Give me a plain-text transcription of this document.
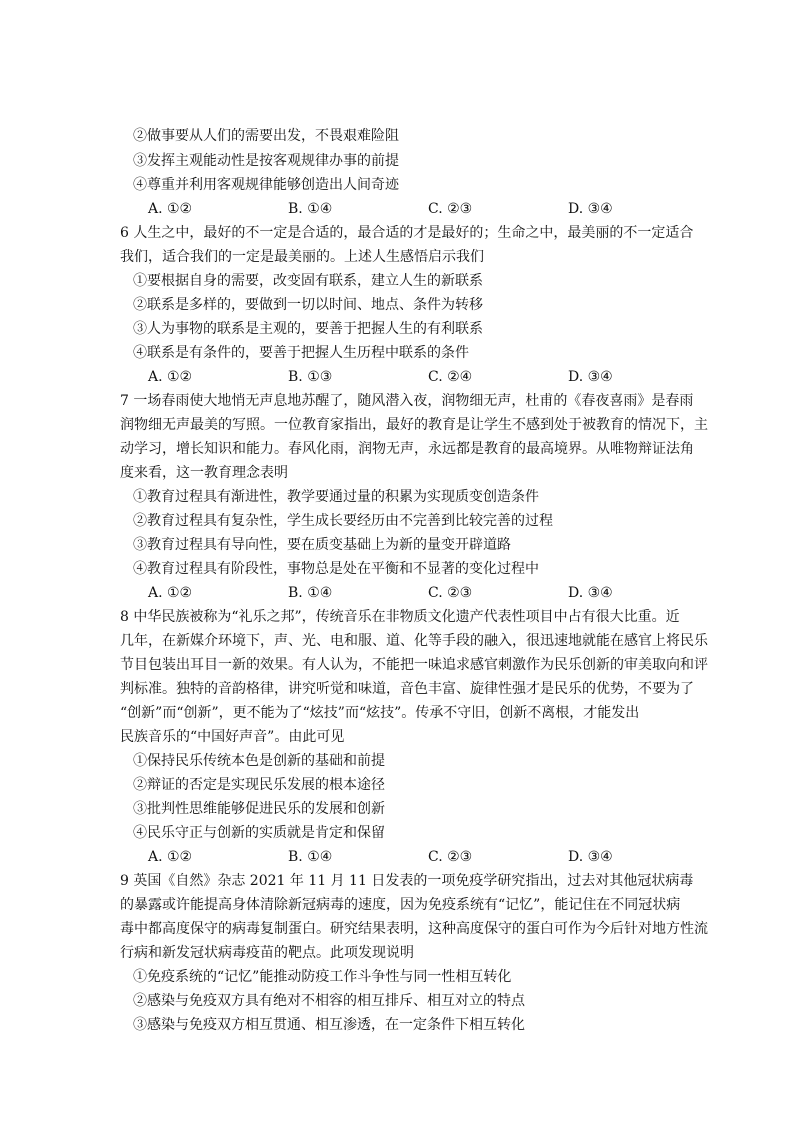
②做事要从人们的需要出发，不畏艰难险阻
③发挥主观能动性是按客观规律办事的前提
④尊重并利用客观规律能够创造出人间奇迹
A. ①②	B. ①④	C. ②③	D. ③④
6 人生之中，最好的不一定是合适的，最合适的才是最好的；生命之中，最美丽的不一定适合
我们，适合我们的一定是最美丽的。上述人生感悟启示我们
①要根据自身的需要，改变固有联系，建立人生的新联系
②联系是多样的，要做到一切以时间、地点、条件为转移
③人为事物的联系是主观的，要善于把握人生的有利联系
④联系是有条件的，要善于把握人生历程中联系的条件
A. ①②	B. ①③	C. ②④	D. ③④
7 一场春雨使大地悄无声息地苏醒了，随风潜入夜，润物细无声，杜甫的《春夜喜雨》是春雨
润物细无声最美的写照。一位教育家指出，最好的教育是让学生不感到处于被教育的情况下，主
动学习，增长知识和能力。春风化雨，润物无声，永远都是教育的最高境界。从唯物辩证法角
度来看，这一教育理念表明
①教育过程具有渐进性，教学要通过量的积累为实现质变创造条件
②教育过程具有复杂性，学生成长要经历由不完善到比较完善的过程
③教育过程具有导向性，要在质变基础上为新的量变开辟道路
④教育过程具有阶段性，事物总是处在平衡和不显著的变化过程中
A. ①②	B. ①④	C. ②③	D. ③④
8 中华民族被称为“礼乐之邦”，传统音乐在非物质文化遗产代表性项目中占有很大比重。近
几年，在新媒介环境下，声、光、电和服、道、化等手段的融入，很迅速地就能在感官上将民乐
节目包装出耳目一新的效果。有人认为，不能把一味追求感官刺激作为民乐创新的审美取向和评
判标准。独特的音韵格律，讲究听觉和味道，音色丰富、旋律性强才是民乐的优势，不要为了
“创新”而“创新”，更不能为了“炫技”而“炫技”。传承不守旧，创新不离根，才能发出
民族音乐的“中国好声音”。由此可见
①保持民乐传统本色是创新的基础和前提
②辩证的否定是实现民乐发展的根本途径
③批判性思维能够促进民乐的发展和创新
④民乐守正与创新的实质就是肯定和保留
A. ①②	B. ①④	C. ②③	D. ③④
9 英国《自然》杂志 2021 年 11 月 11 日发表的一项免疫学研究指出，过去对其他冠状病毒
的暴露或许能提高身体清除新冠病毒的速度，因为免疫系统有“记忆”，能记住在不同冠状病
毒中都高度保守的病毒复制蛋白。研究结果表明，这种高度保守的蛋白可作为今后针对地方性流
行病和新发冠状病毒疫苗的靶点。此项发现说明
①免疫系统的“记忆”能推动防疫工作斗争性与同一性相互转化
②感染与免疫双方具有绝对不相容的相互排斥、相互对立的特点
③感染与免疫双方相互贯通、相互渗透，在一定条件下相互转化
